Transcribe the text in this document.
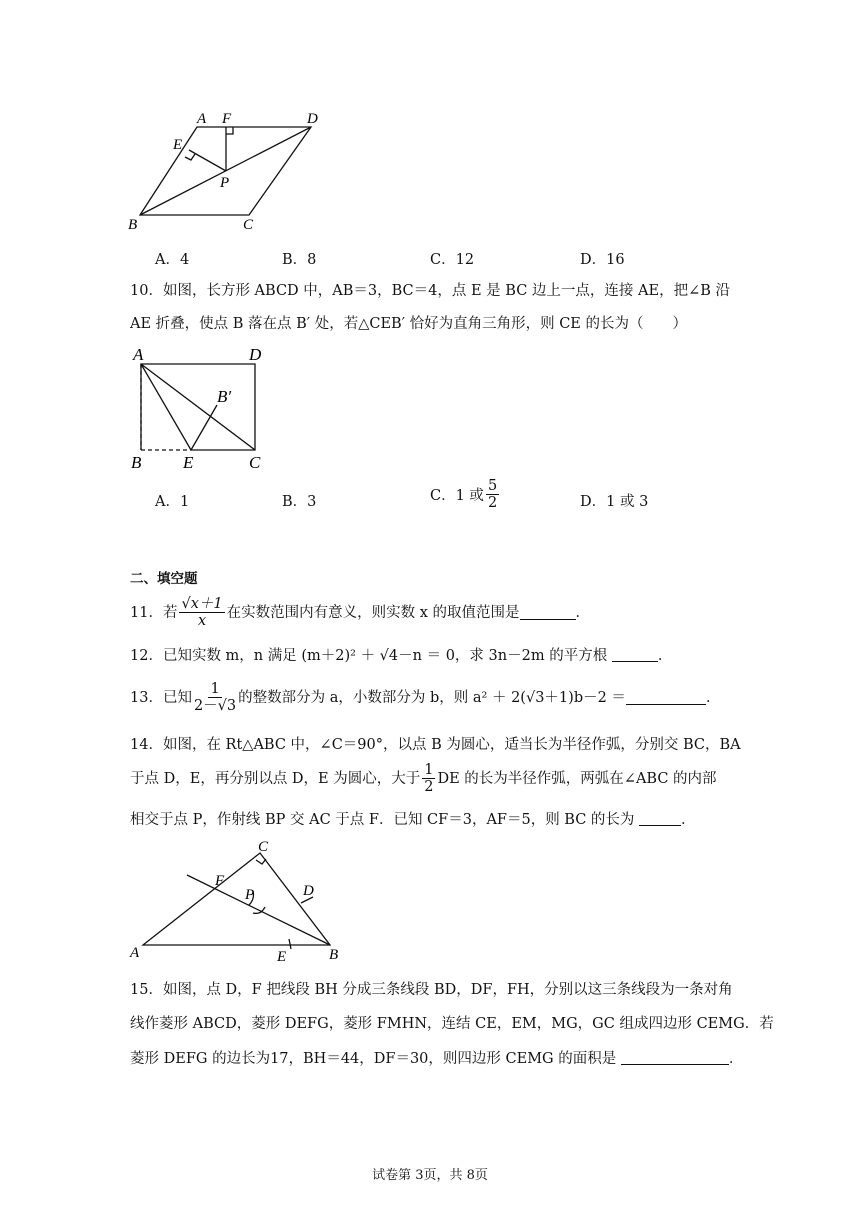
A F	D
E
P
B	C
A．4	B．8	C．12	D．16
10．如图，长方形 ABCD 中，AB＝3，BC＝4，点 E 是 BC 边上一点，连接 AE，把∠B 沿
AE 折叠，使点 B 落在点 B′ 处，若△CEB′ 恰好为直角三角形，则 CE 的长为（　　）
A	D
B′
B E	C
A．1	B．3	C．1 或 $\frac{5}{2}$	D．1 或 3
二、填空题
11．若 $\frac{√x+1}{x}$ 在实数范围内有意义，则实数 x 的取值范围是	．
12．已知实数 m，n 满足 (m＋2)² ＋ √4－n ＝ 0，求 3n－2m 的平方根	．
13．已知 $\frac{1}{2-√3}$ 的整数部分为 a，小数部分为 b，则 a² ＋ 2(√3＋1)b－2 ＝	．
14．如图，在 Rt△ABC 中，∠C＝90°，以点 B 为圆心，适当长为半径作弧，分别交 BC，BA
于点 D，E，再分别以点 D，E 为圆心，大于 $\frac{1}{2}$ DE 的长为半径作弧，两弧在∠ABC 的内部
相交于点 P，作射线 BP 交 AC 于点 F．已知 CF＝3，AF＝5，则 BC 的长为	．
C
F
P	D
A	E	B
15．如图，点 D，F 把线段 BH 分成三条线段 BD，DF，FH，分别以这三条线段为一条对角
线作菱形 ABCD，菱形 DEFG，菱形 FMHN，连结 CE，EM，MG，GC 组成四边形 CEMG．若
菱形 DEFG 的边长为17，BH＝44，DF＝30，则四边形 CEMG 的面积是	．
试卷第 3页，共 8页
